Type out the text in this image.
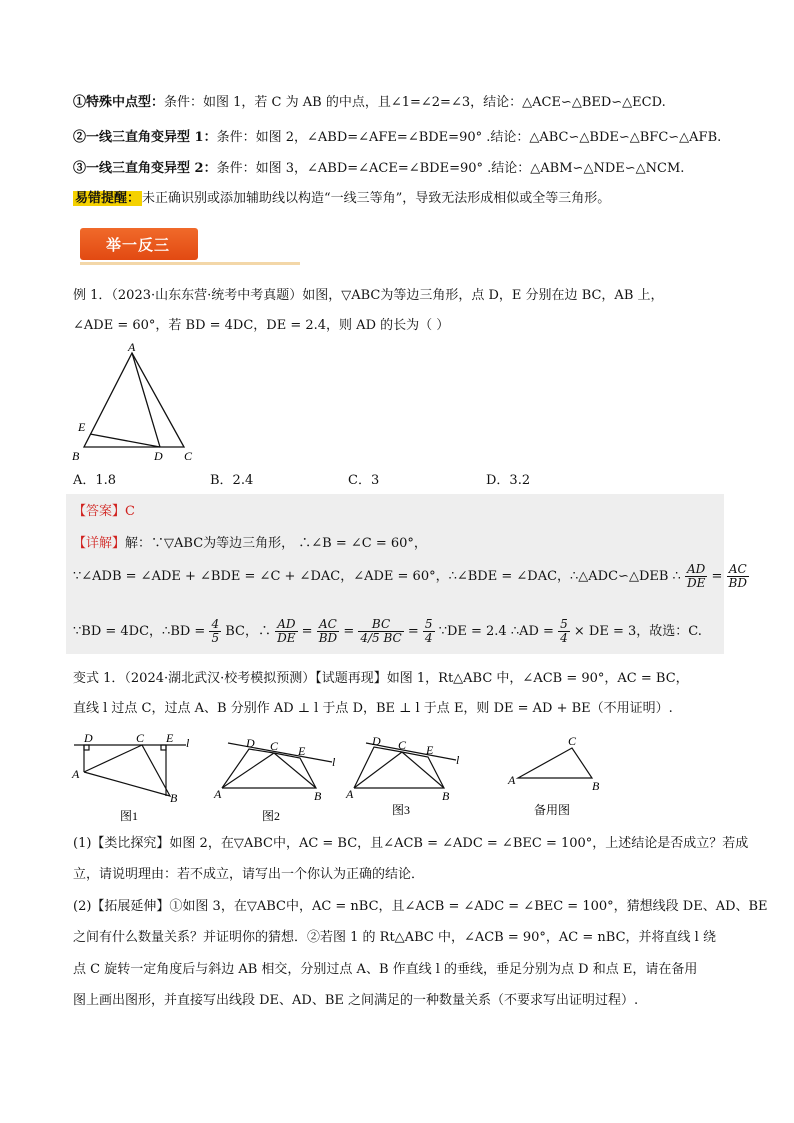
①特殊中点型：条件：如图 1，若 C 为 AB 的中点，且∠1=∠2=∠3，结论：△ACE∽△BED∽△ECD.
②一线三直角变异型 1：条件：如图 2，∠ABD=∠AFE=∠BDE=90° .结论：△ABC∽△BDE∽△BFC∽△AFB.
③一线三直角变异型 2：条件：如图 3，∠ABD=∠ACE=∠BDE=90° .结论：△ABM∽△NDE∽△NCM.
易错提醒： 未正确识别或添加辅助线以构造“一线三等角”，导致无法形成相似或全等三角形。
举一反三
例 1．（2023·山东东营·统考中考真题）如图，▽ABC为等边三角形，点 D，E 分别在边 BC，AB 上，
∠ADE = 60°，若 BD = 4DC，DE = 2.4，则 AD 的长为（ ）
A
E
B	D C
A．1.8	B．2.4	C．3	D．3.2
【答案】C
【详解】解：∵▽ABC为等边三角形， ∴∠B = ∠C = 60°，
∵∠ADB = ∠ADE + ∠BDE = ∠C + ∠DAC，∠ADE = 60°，∴∠BDE = ∠DAC，∴△ADC∽△DEB ∴ $\frac{AD}{DE} = \frac{AC}{BD}$
∵BD = 4DC，∴BD = $\frac{4}{5}$ BC，∴ $\frac{AD}{DE} = \frac{AC}{BD} = \frac{BC}{4/5 BC} = \frac{5}{4}$ ∵DE = 2.4 ∴AD = $\frac{5}{4}$ × DE = 3，故选：C.
变式 1．（2024·湖北武汉·校考模拟预测）【试题再现】如图 1，Rt△ABC 中，∠ACB = 90°，AC = BC，
直线 l 过点 C，过点 A、B 分别作 AD ⊥ l 于点 D，BE ⊥ l 于点 E，则 DE = AD + BE（不用证明）.
D	C E l
A
B
D C E
l
A	B
D C E
l
A	B
C
A	B
图1	图2	图3	备用图
(1)【类比探究】如图 2，在▽ABC中，AC = BC，且∠ACB = ∠ADC = ∠BEC = 100°，上述结论是否成立？若成
立，请说明理由：若不成立，请写出一个你认为正确的结论．
(2)【拓展延伸】①如图 3，在▽ABC中，AC = nBC，且∠ACB = ∠ADC = ∠BEC = 100°，猜想线段 DE、AD、BE
之间有什么数量关系？并证明你的猜想．②若图 1 的 Rt△ABC 中，∠ACB = 90°，AC = nBC，并将直线 l 绕
点 C 旋转一定角度后与斜边 AB 相交，分别过点 A、B 作直线 l 的垂线，垂足分别为点 D 和点 E，请在备用
图上画出图形，并直接写出线段 DE、AD、BE 之间满足的一种数量关系（不要求写出证明过程）.
